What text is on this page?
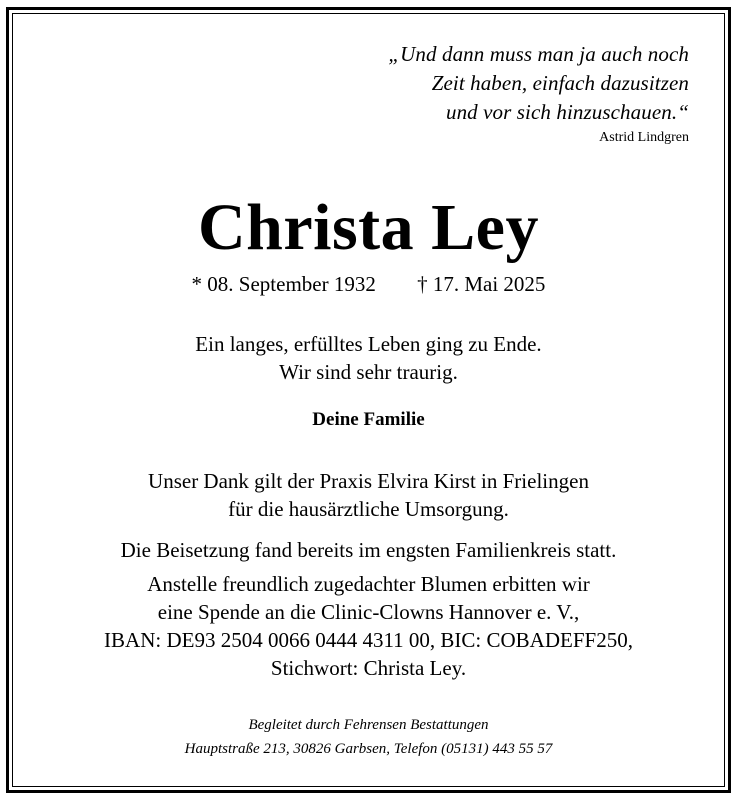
„Und dann muss man ja auch noch
Zeit haben, einfach dazusitzen
und vor sich hinzuschauen.“
Astrid Lindgren
Christa Ley
* 08. September 1932 † 17. Mai 2025
Ein langes, erfülltes Leben ging zu Ende.
Wir sind sehr traurig.
Deine Familie
Unser Dank gilt der Praxis Elvira Kirst in Frielingen
für die hausärztliche Umsorgung.
Die Beisetzung fand bereits im engsten Familienkreis statt.
Anstelle freundlich zugedachter Blumen erbitten wir
eine Spende an die Clinic-Clowns Hannover e. V.,
IBAN: DE93 2504 0066 0444 4311 00, BIC: COBADEFF250,
Stichwort: Christa Ley.
Begleitet durch Fehrensen Bestattungen
Hauptstraße 213, 30826 Garbsen, Telefon (05131) 443 55 57
